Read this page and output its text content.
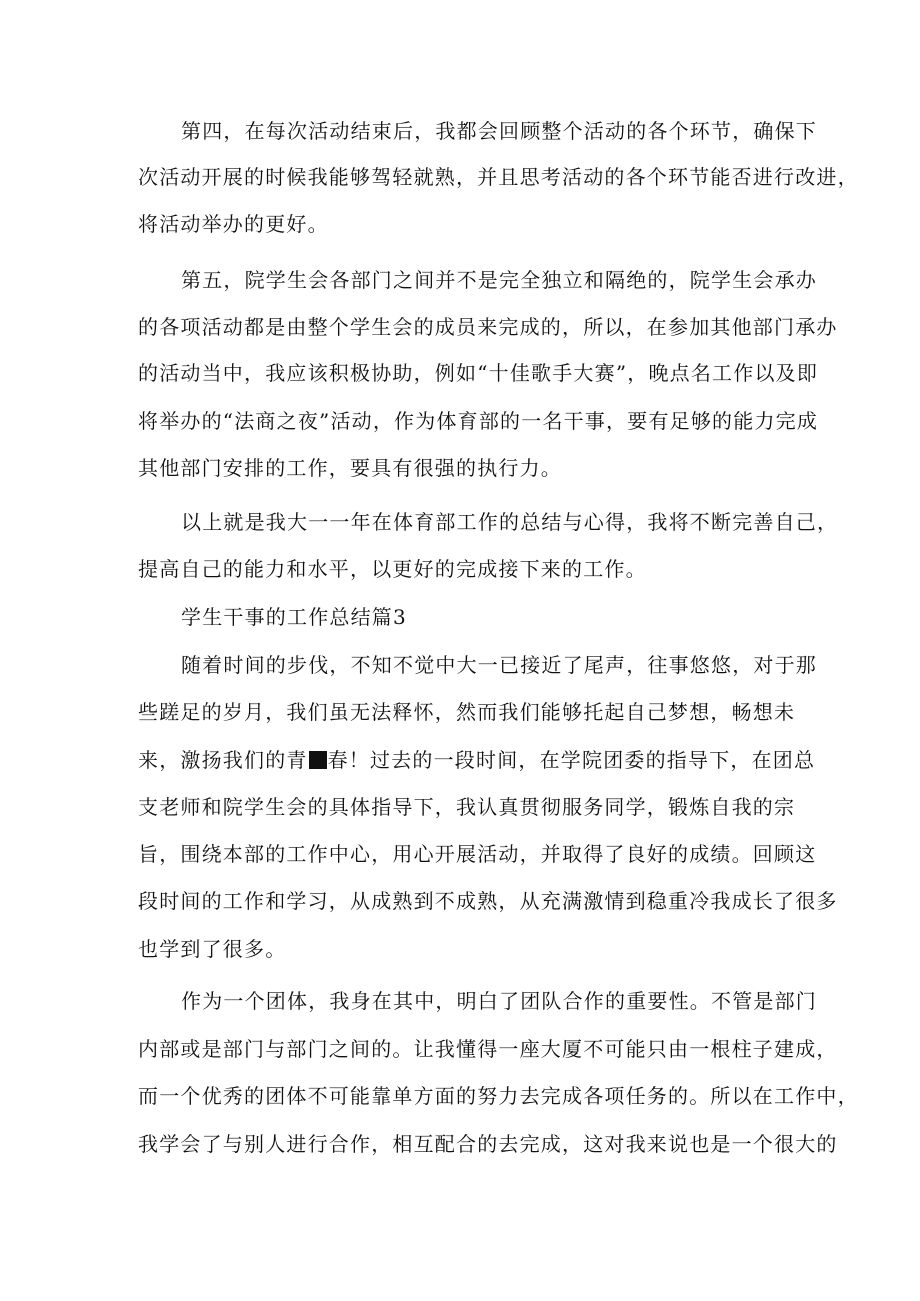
第四，在每次活动结束后，我都会回顾整个活动的各个环节，确保下

次活动开展的时候我能够驾轻就熟，并且思考活动的各个环节能否进行改进，

将活动举办的更好。

第五，院学生会各部门之间并不是完全独立和隔绝的，院学生会承办

的各项活动都是由整个学生会的成员来完成的，所以，在参加其他部门承办

的活动当中，我应该积极协助，例如“十佳歌手大赛”，晚点名工作以及即

将举办的“法商之夜”活动，作为体育部的一名干事，要有足够的能力完成

其他部门安排的工作，要具有很强的执行力。

以上就是我大一一年在体育部工作的总结与心得，我将不断完善自己，

提高自己的能力和水平，以更好的完成接下来的工作。

学生干事的工作总结篇3

随着时间的步伐，不知不觉中大一已接近了尾声，往事悠悠，对于那

些蹉足的岁月，我们虽无法释怀，然而我们能够托起自己梦想，畅想未

来，激扬我们的青 春！过去的一段时间，在学院团委的指导下，在团总

支老师和院学生会的具体指导下，我认真贯彻服务同学，锻炼自我的宗

旨，围绕本部的工作中心，用心开展活动，并取得了良好的成绩。回顾这

段时间的工作和学习，从成熟到不成熟，从充满激情到稳重冷我成长了很多

也学到了很多。

作为一个团体，我身在其中，明白了团队合作的重要性。不管是部门

内部或是部门与部门之间的。让我懂得一座大厦不可能只由一根柱子建成，

而一个优秀的团体不可能靠单方面的努力去完成各项任务的。所以在工作中，

我学会了与别人进行合作，相互配合的去完成，这对我来说也是一个很大的
